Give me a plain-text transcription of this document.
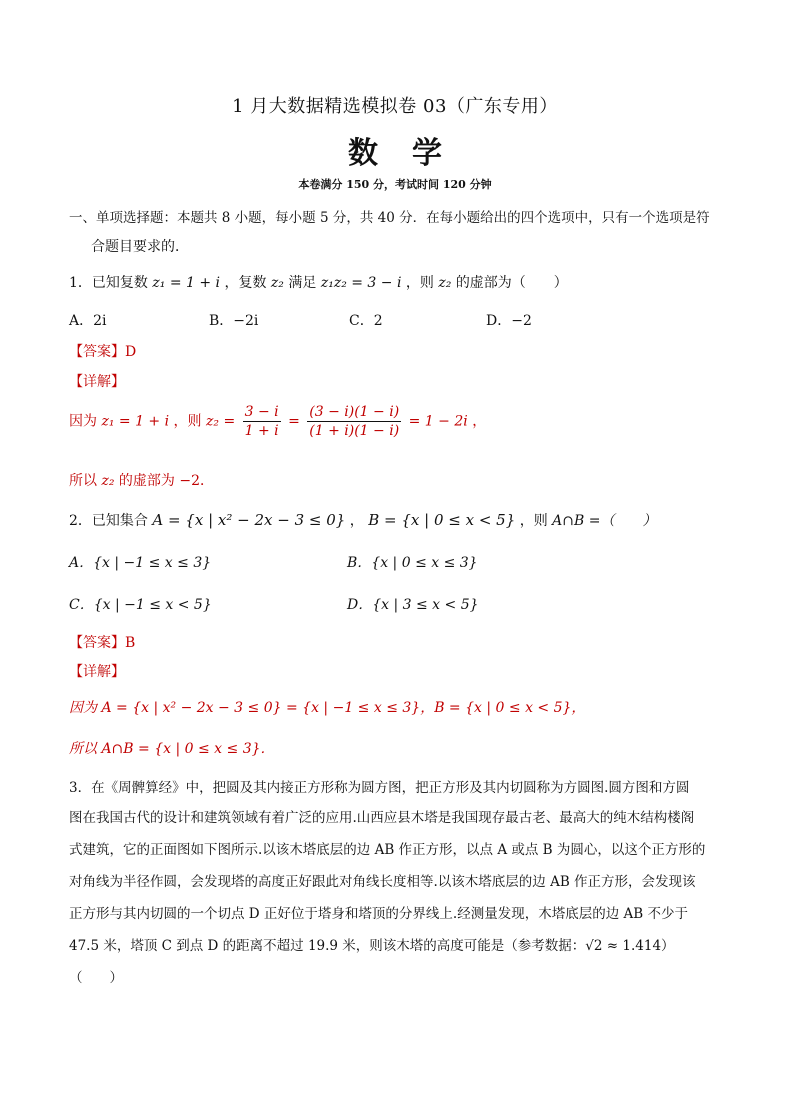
1 月大数据精选模拟卷 03（广东专用）
数学
本卷满分 150 分，考试时间 120 分钟
一、单项选择题：本题共 8 小题，每小题 5 分，共 40 分．在每小题给出的四个选项中，只有一个选项是符
合题目要求的．
1．已知复数 z₁ = 1 + i ，复数 z₂ 满足 z₁z₂ = 3 − i ，则 z₂ 的虚部为（　　）
A．2i	B．−2i	C．2	D．−2
【答案】D
【详解】
因为 z₁ = 1 + i ，则 $z_2 = \frac{3 - i}{1 + i} = \frac{(3 - i)(1 - i)}{(1 + i)(1 - i)} = 1 - 2i$ ，
所以 z₂ 的虚部为 −2．
2．已知集合 A = {x | x² − 2x − 3 ≤ 0} ， B = {x | 0 ≤ x < 5} ，则 A∩B =（　　）
A．{x | −1 ≤ x ≤ 3}	B．{x | 0 ≤ x ≤ 3}
C．{x | −1 ≤ x < 5}	D．{x | 3 ≤ x < 5}
【答案】B
【详解】
因为 A = {x | x² − 2x − 3 ≤ 0} = {x | −1 ≤ x ≤ 3}，B = {x | 0 ≤ x < 5}，
所以 A∩B = {x | 0 ≤ x ≤ 3}．
3．在《周髀算经》中，把圆及其内接正方形称为圆方图，把正方形及其内切圆称为方圆图.圆方图和方圆
图在我国古代的设计和建筑领域有着广泛的应用.山西应县木塔是我国现存最古老、最高大的纯木结构楼阁
式建筑，它的正面图如下图所示.以该木塔底层的边 AB 作正方形，以点 A 或点 B 为圆心，以这个正方形的
对角线为半径作圆，会发现塔的高度正好跟此对角线长度相等.以该木塔底层的边 AB 作正方形，会发现该
正方形与其内切圆的一个切点 D 正好位于塔身和塔顶的分界线上.经测量发现，木塔底层的边 AB 不少于
47.5 米，塔顶 C 到点 D 的距离不超过 19.9 米，则该木塔的高度可能是（参考数据：√2 ≈ 1.414）
（　　）
